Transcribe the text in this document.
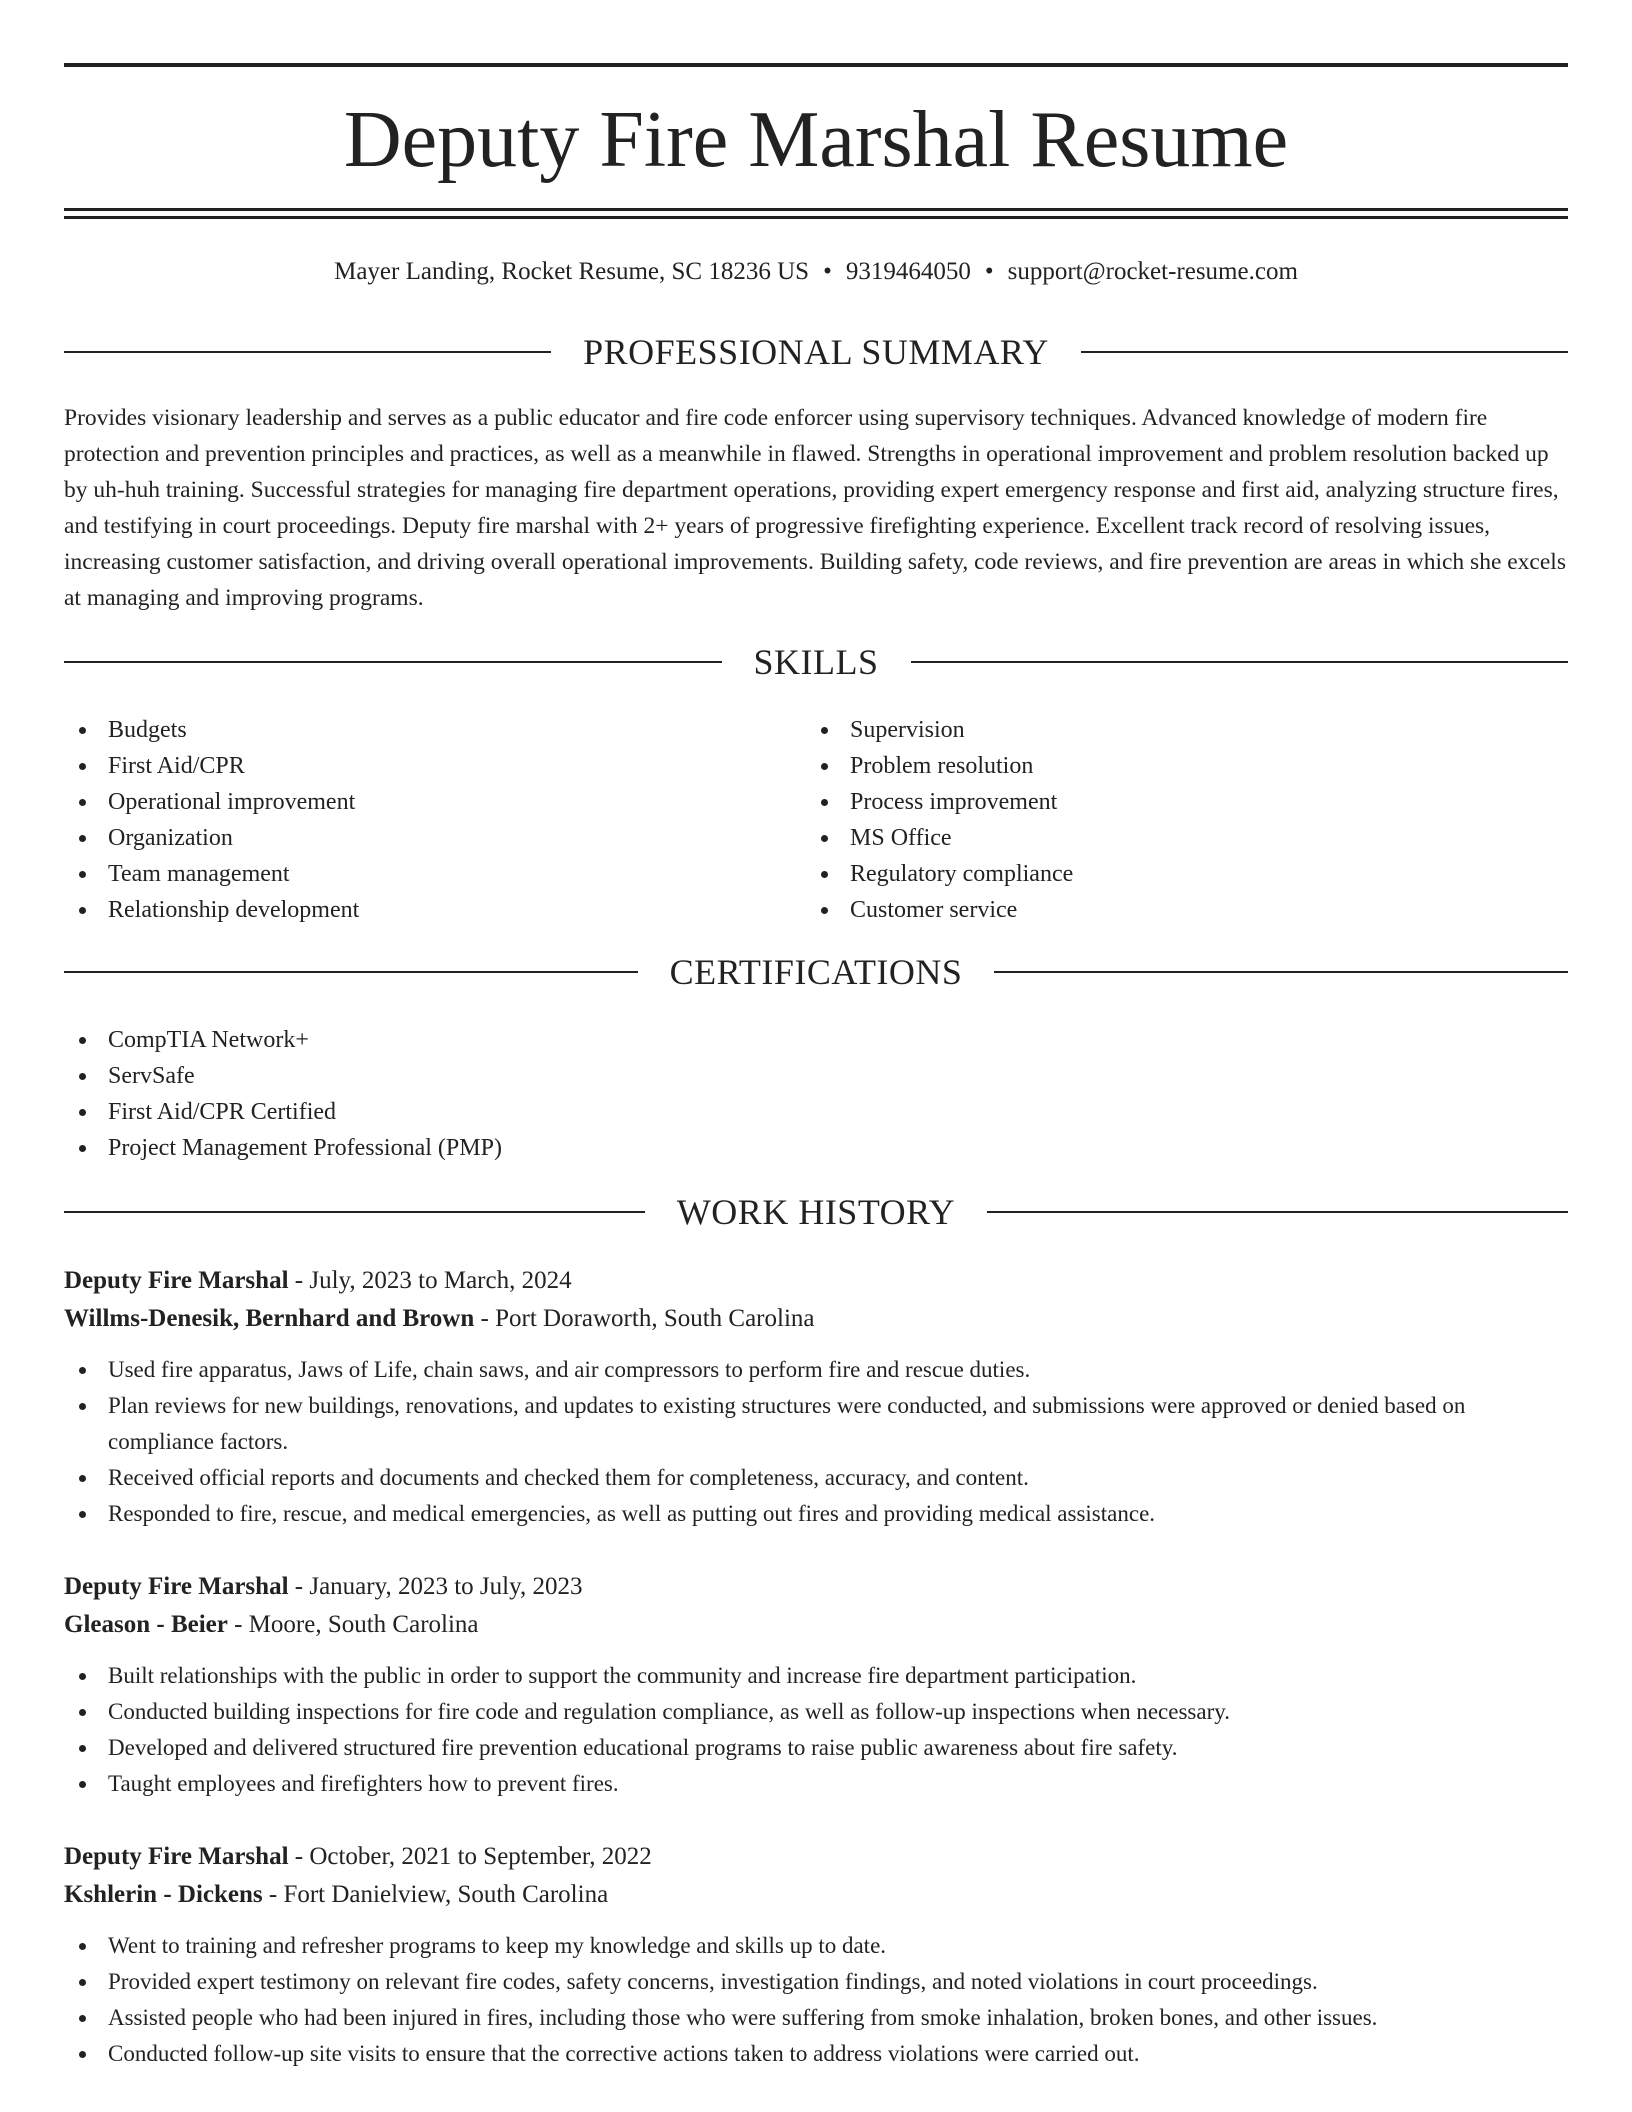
Deputy Fire Marshal Resume
Mayer Landing, Rocket Resume, SC 18236 US • 9319464050 • support@rocket-resume.com
PROFESSIONAL SUMMARY

Provides visionary leadership and serves as a public educator and fire code enforcer using supervisory techniques. Advanced knowledge of modern fire protection and prevention principles and practices, as well as a meanwhile in flawed. Strengths in operational improvement and problem resolution backed up by uh-huh training. Successful strategies for managing fire department operations, providing expert emergency response and first aid, analyzing structure fires, and testifying in court proceedings. Deputy fire marshal with 2+ years of progressive firefighting experience. Excellent track record of resolving issues, increasing customer satisfaction, and driving overall operational improvements. Building safety, code reviews, and fire prevention are areas in which she excels at managing and improving programs.

SKILLS
Budgets
First Aid/CPR
Operational improvement
Organization
Team management
Relationship development
Supervision
Problem resolution
Process improvement
MS Office
Regulatory compliance
Customer service
CERTIFICATIONS
CompTIA Network+
ServSafe
First Aid/CPR Certified
Project Management Professional (PMP)
WORK HISTORY
Deputy Fire Marshal - July, 2023 to March, 2024
Willms-Denesik, Bernhard and Brown - Port Doraworth, South Carolina
Used fire apparatus, Jaws of Life, chain saws, and air compressors to perform fire and rescue duties.
Plan reviews for new buildings, renovations, and updates to existing structures were conducted, and submissions were approved or denied based on compliance factors.
Received official reports and documents and checked them for completeness, accuracy, and content.
Responded to fire, rescue, and medical emergencies, as well as putting out fires and providing medical assistance.
Deputy Fire Marshal - January, 2023 to July, 2023
Gleason - Beier - Moore, South Carolina
Built relationships with the public in order to support the community and increase fire department participation.
Conducted building inspections for fire code and regulation compliance, as well as follow-up inspections when necessary.
Developed and delivered structured fire prevention educational programs to raise public awareness about fire safety.
Taught employees and firefighters how to prevent fires.
Deputy Fire Marshal - October, 2021 to September, 2022
Kshlerin - Dickens - Fort Danielview, South Carolina
Went to training and refresher programs to keep my knowledge and skills up to date.
Provided expert testimony on relevant fire codes, safety concerns, investigation findings, and noted violations in court proceedings.
Assisted people who had been injured in fires, including those who were suffering from smoke inhalation, broken bones, and other issues.
Conducted follow-up site visits to ensure that the corrective actions taken to address violations were carried out.
